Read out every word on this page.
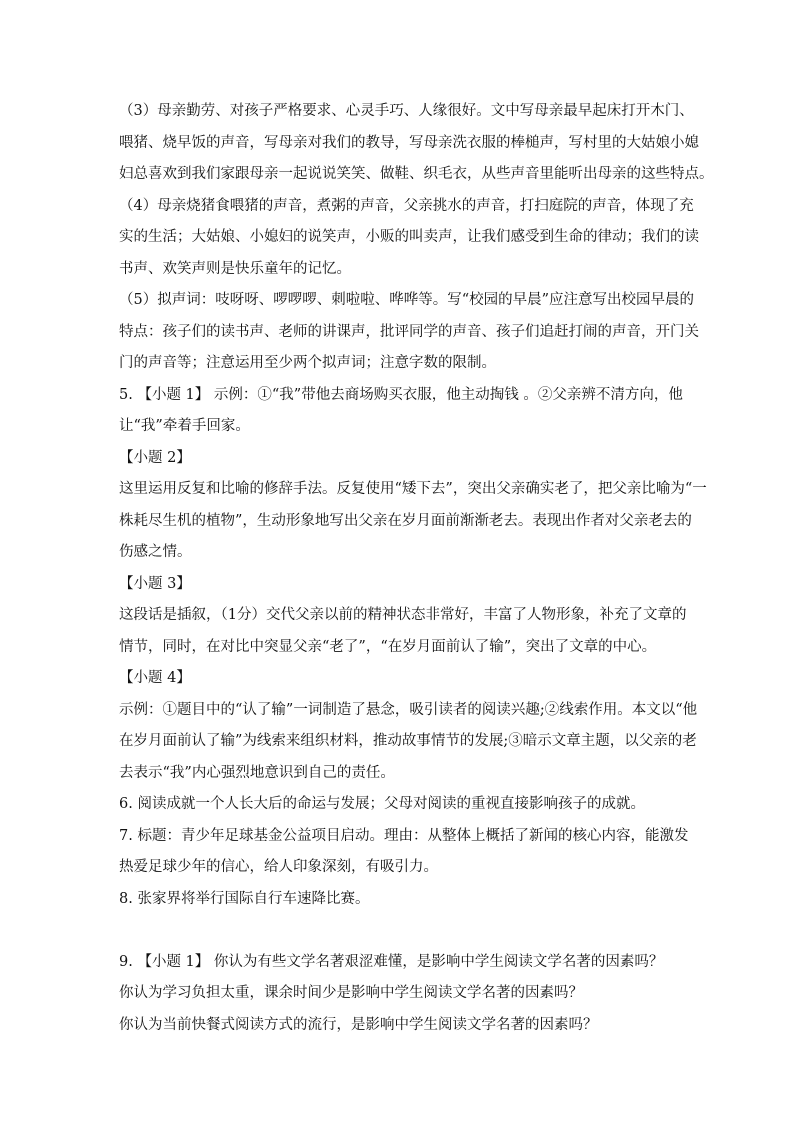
（3）母亲勤劳、对孩子严格要求、心灵手巧、人缘很好。文中写母亲最早起床打开木门、
喂猪、烧早饭的声音，写母亲对我们的教导，写母亲洗衣服的棒槌声，写村里的大姑娘小媳
妇总喜欢到我们家跟母亲一起说说笑笑、做鞋、织毛衣，从些声音里能听出母亲的这些特点。
（4）母亲烧猪食喂猪的声音，煮粥的声音，父亲挑水的声音，打扫庭院的声音，体现了充
实的生活；大姑娘、小媳妇的说笑声，小贩的叫卖声，让我们感受到生命的律动；我们的读
书声、欢笑声则是快乐童年的记忆。
（5）拟声词：吱呀呀、啰啰啰、刺啦啦、哗哗等。写“校园的早晨”应注意写出校园早晨的
特点：孩子们的读书声、老师的讲课声，批评同学的声音、孩子们追赶打闹的声音，开门关
门的声音等；注意运用至少两个拟声词；注意字数的限制。
5. 【小题 1】 示例：①“我”带他去商场购买衣服，他主动掏钱 。②父亲辨不清方向，他
让“我”牵着手回家。
【小题 2】
这里运用反复和比喻的修辞手法。反复使用“矮下去”，突出父亲确实老了，把父亲比喻为“一
株耗尽生机的植物”，生动形象地写出父亲在岁月面前渐渐老去。表现出作者对父亲老去的
伤感之情。
【小题 3】
这段话是插叙，（1分）交代父亲以前的精神状态非常好，丰富了人物形象，补充了文章的
情节，同时，在对比中突显父亲“老了”，“在岁月面前认了输”，突出了文章的中心。
【小题 4】
示例：①题目中的“认了输”一词制造了悬念，吸引读者的阅读兴趣;②线索作用。本文以“他
在岁月面前认了输”为线索来组织材料，推动故事情节的发展;③暗示文章主题，以父亲的老
去表示“我”内心强烈地意识到自己的责任。
6. 阅读成就一个人长大后的命运与发展；父母对阅读的重视直接影响孩子的成就。
7. 标题：青少年足球基金公益项目启动。理由：从整体上概括了新闻的核心内容，能激发
热爱足球少年的信心，给人印象深刻，有吸引力。
8. 张家界将举行国际自行车速降比赛。
9. 【小题 1】 你认为有些文学名著艰涩难懂，是影响中学生阅读文学名著的因素吗？
你认为学习负担太重，课余时间少是影响中学生阅读文学名著的因素吗？
你认为当前快餐式阅读方式的流行，是影响中学生阅读文学名著的因素吗？
